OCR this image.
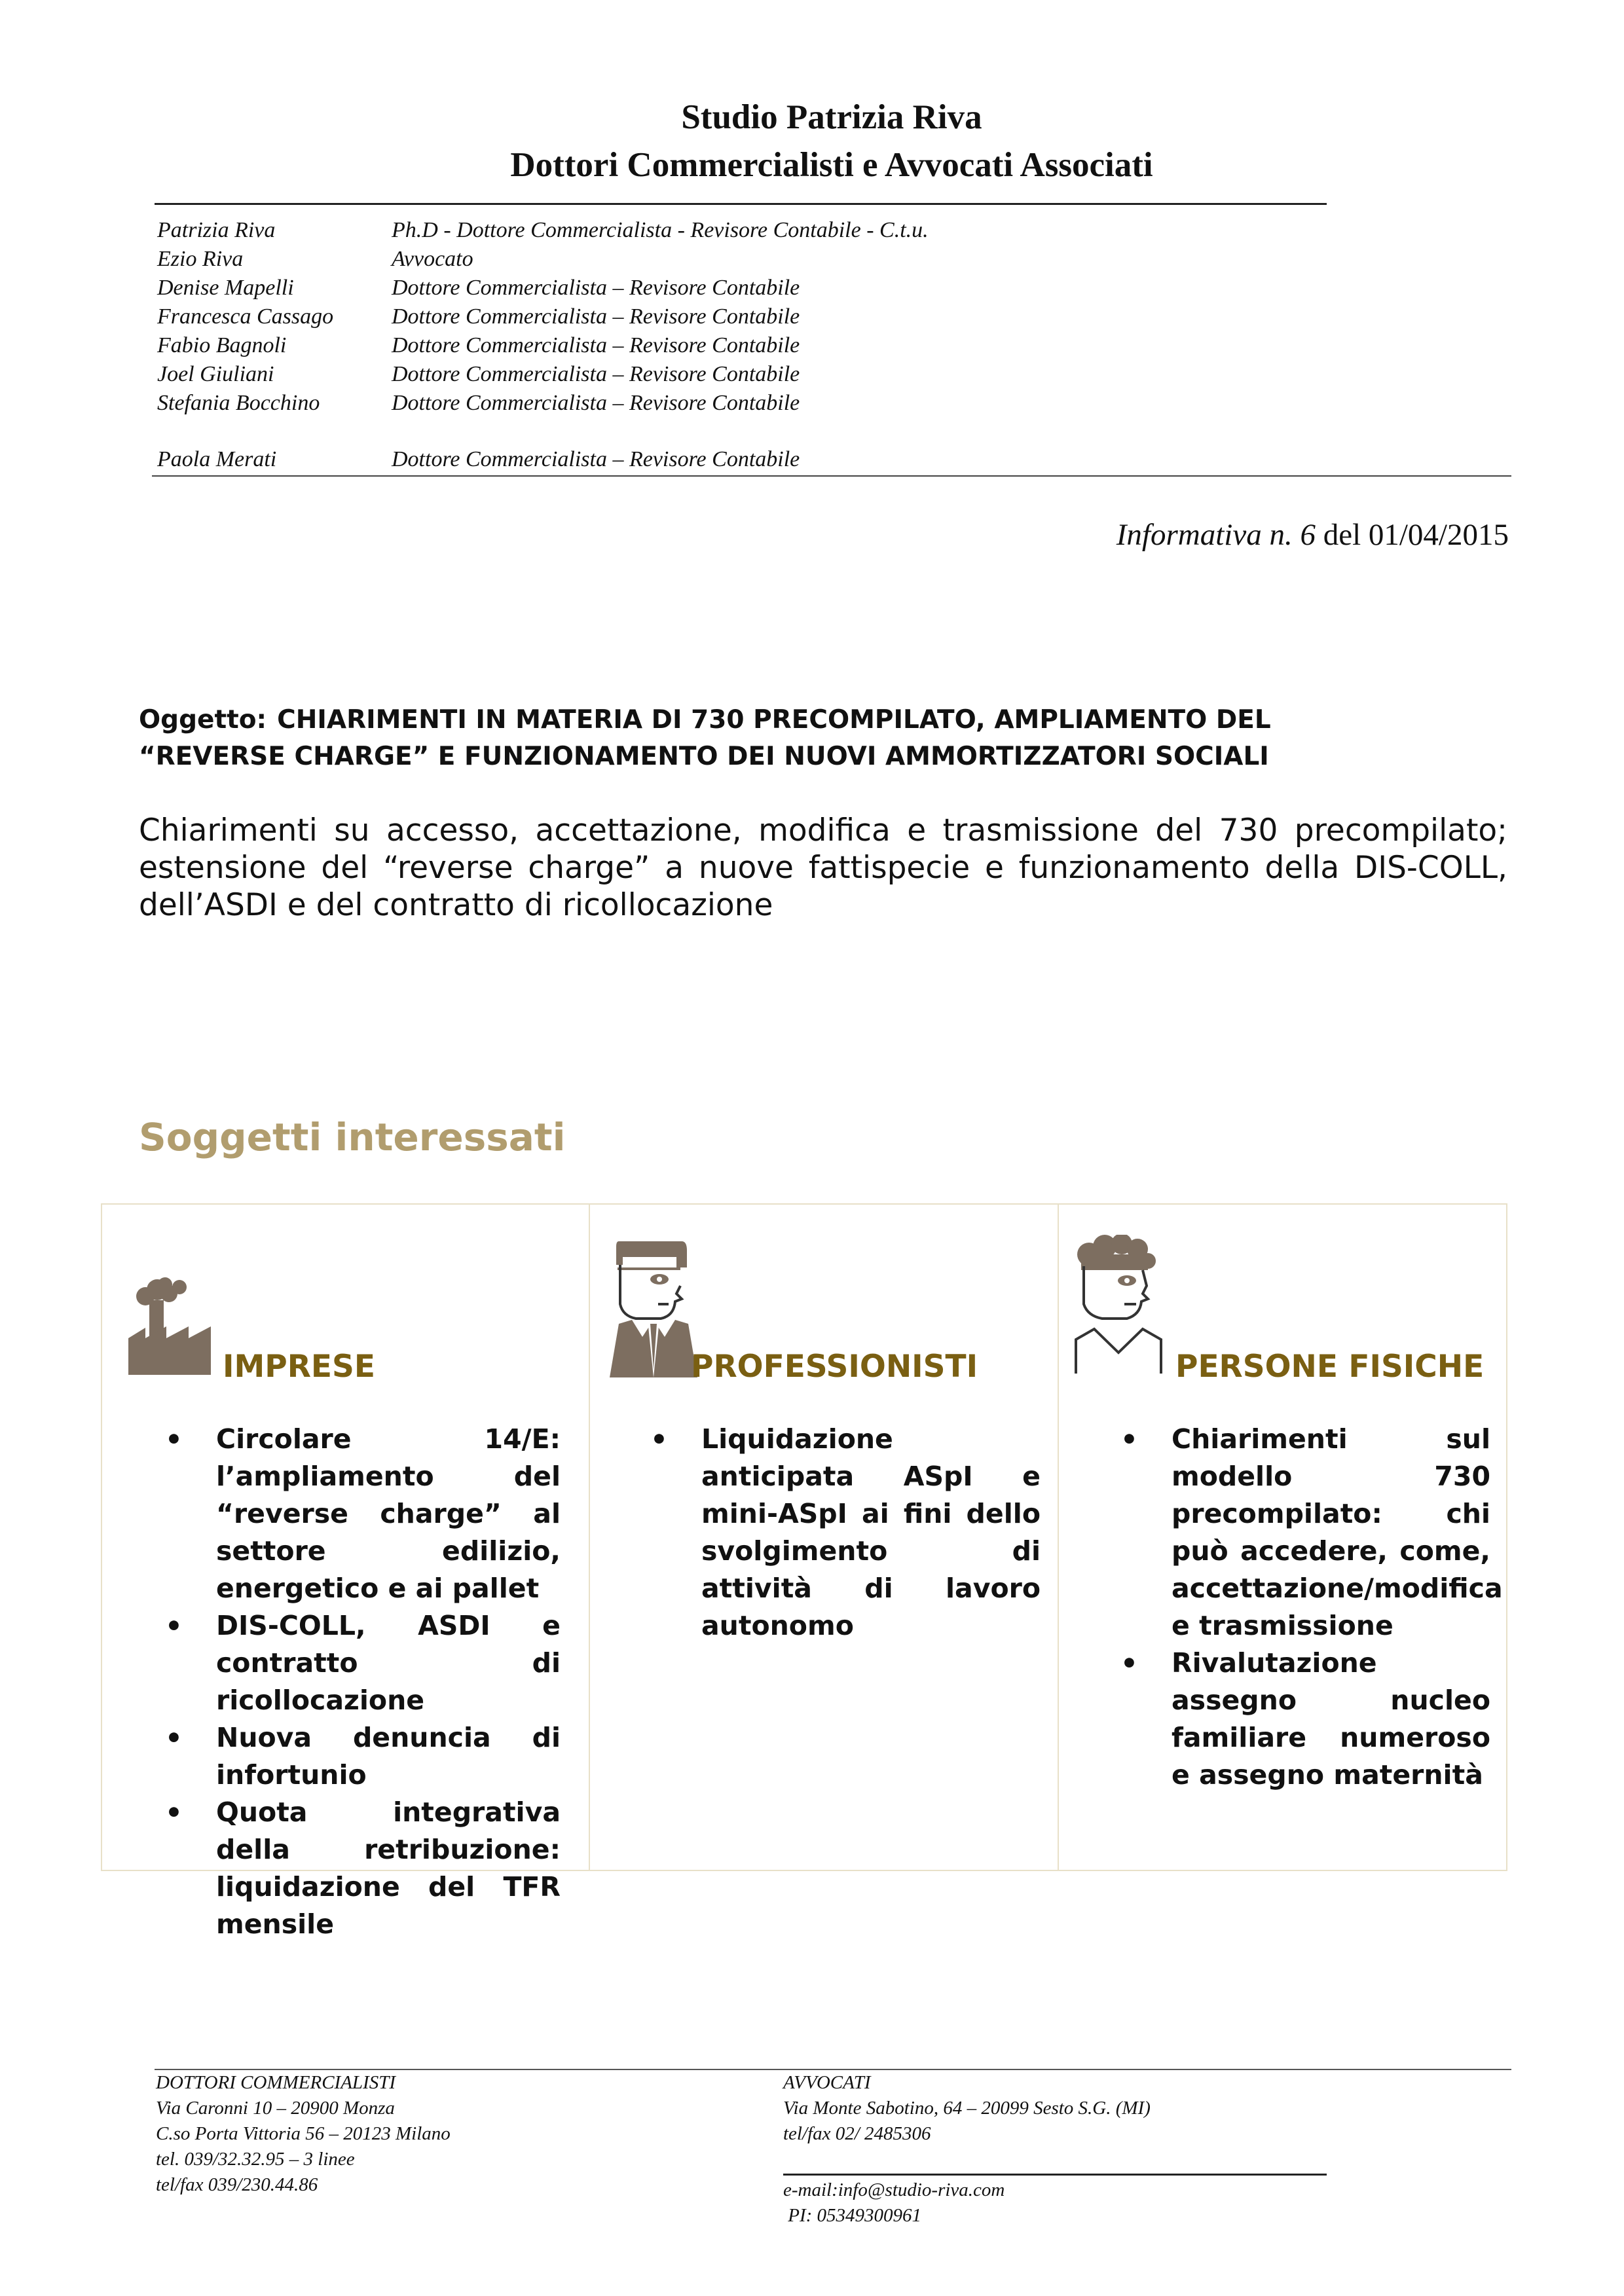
Studio Patrizia Riva
Dottori Commercialisti e Avvocati Associati
Patrizia Riva	Ph.D - Dottore Commercialista - Revisore Contabile - C.t.u.
Ezio Riva	Avvocato
Denise Mapelli	Dottore Commercialista – Revisore Contabile
Francesca Cassago	Dottore Commercialista – Revisore Contabile
Fabio Bagnoli	Dottore Commercialista – Revisore Contabile
Joel Giuliani	Dottore Commercialista – Revisore Contabile
Stefania Bocchino	Dottore Commercialista – Revisore Contabile
Paola Merati	Dottore Commercialista – Revisore Contabile
Informativa n. 6 del 01/04/2015
Oggetto: CHIARIMENTI IN MATERIA DI 730 PRECOMPILATO, AMPLIAMENTO DEL
“REVERSE CHARGE” E FUNZIONAMENTO DEI NUOVI AMMORTIZZATORI SOCIALI
Chiarimenti su accesso, accettazione, modifica e trasmissione del 730 precompilato; estensione del “reverse charge” a nuove fattispecie e funzionamento della DIS-COLL, dell’ASDI e del contratto di ricollocazione
Soggetti interessati
IMPRESE
• Circolare 14/E: l’ampliamento del “reverse charge” al settore edilizio, energetico e ai pallet
• DIS-COLL, ASDI e contratto di ricollocazione
• Nuova denuncia di infortunio
• Quota integrativa della retribuzione: liquidazione del TFR mensile
PROFESSIONISTI
• Liquidazione anticipata ASpI e mini-ASpI ai fini dello svolgimento di attività di lavoro autonomo
PERSONE FISICHE
• Chiarimenti sul modello 730 precompilato: chi può accedere, come, accettazione/modifica e trasmissione
• Rivalutazione assegno nucleo familiare numeroso e assegno maternità
DOTTORI COMMERCIALISTI
Via Caronni 10 – 20900 Monza
C.so Porta Vittoria 56 – 20123 Milano
tel. 039/32.32.95 – 3 linee
tel/fax 039/230.44.86
AVVOCATI
Via Monte Sabotino, 64 – 20099 Sesto S.G. (MI)
tel/fax 02/ 2485306
e-mail:info@studio-riva.com
PI: 05349300961
